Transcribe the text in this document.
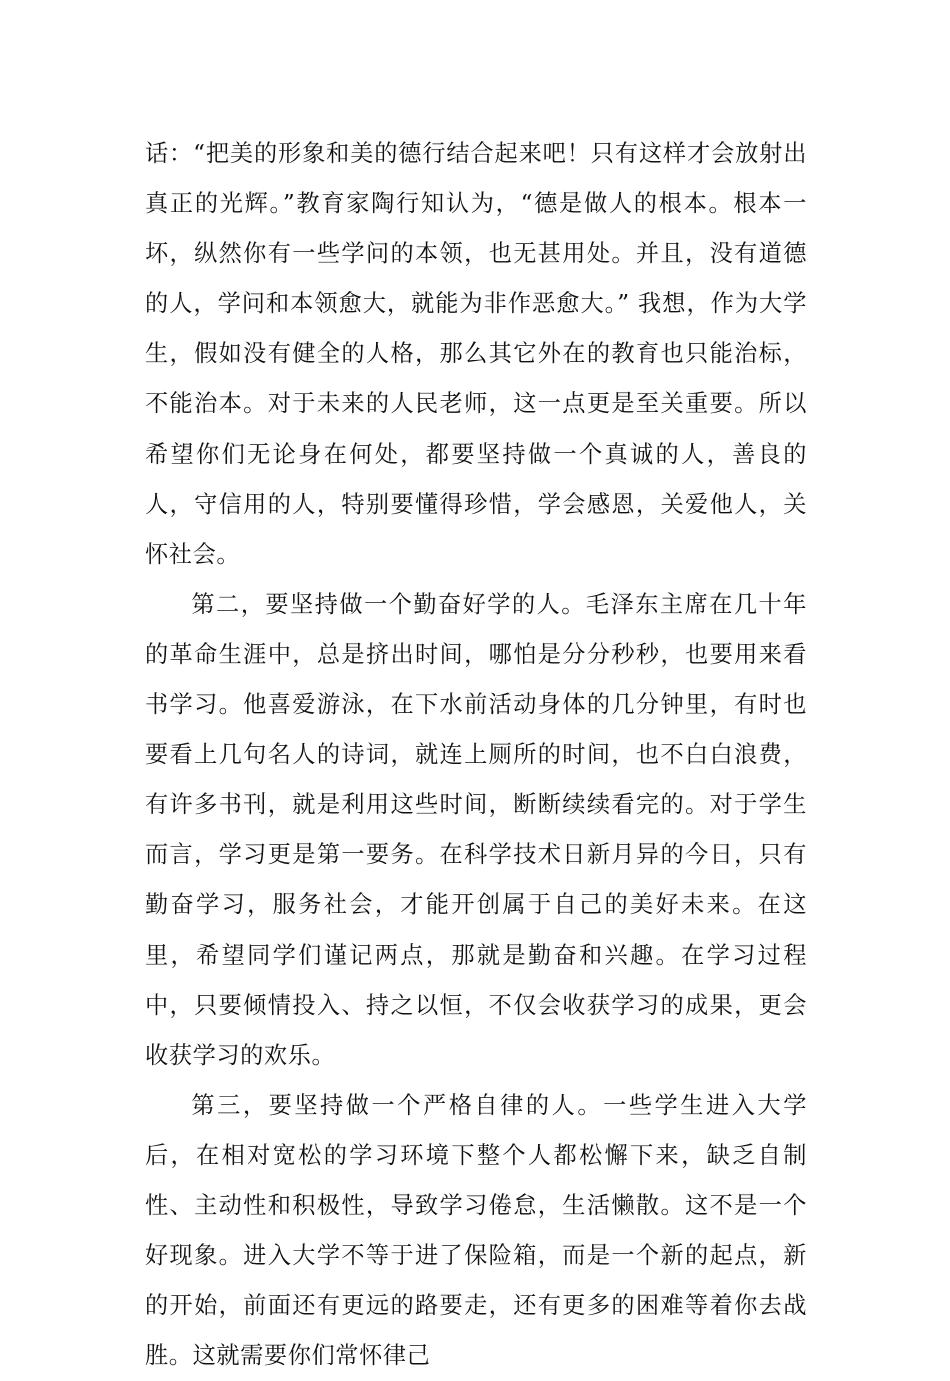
话：“把美的形象和美的德行结合起来吧！只有这样才会放射出真正的光辉。”教育家陶行知认为，“德是做人的根本。根本一坏，纵然你有一些学问的本领，也无甚用处。并且，没有道德的人，学问和本领愈大，就能为非作恶愈大。” 我想，作为大学生，假如没有健全的人格，那么其它外在的教育也只能治标，不能治本。对于未来的人民老师，这一点更是至关重要。所以希望你们无论身在何处，都要坚持做一个真诚的人，善良的人，守信用的人，特别要懂得珍惜，学会感恩，关爱他人，关怀社会。

第二，要坚持做一个勤奋好学的人。毛泽东主席在几十年的革命生涯中，总是挤出时间，哪怕是分分秒秒，也要用来看书学习。他喜爱游泳，在下水前活动身体的几分钟里，有时也要看上几句名人的诗词，就连上厕所的时间，也不白白浪费，有许多书刊，就是利用这些时间，断断续续看完的。对于学生而言，学习更是第一要务。在科学技术日新月异的今日，只有勤奋学习，服务社会，才能开创属于自己的美好未来。在这里，希望同学们谨记两点，那就是勤奋和兴趣。在学习过程中，只要倾情投入、持之以恒，不仅会收获学习的成果，更会收获学习的欢乐。

第三，要坚持做一个严格自律的人。一些学生进入大学后，在相对宽松的学习环境下整个人都松懈下来，缺乏自制性、主动性和积极性，导致学习倦怠，生活懒散。这不是一个好现象。进入大学不等于进了保险箱，而是一个新的起点，新的开始，前面还有更远的路要走，还有更多的困难等着你去战胜。这就需要你们常怀律己
